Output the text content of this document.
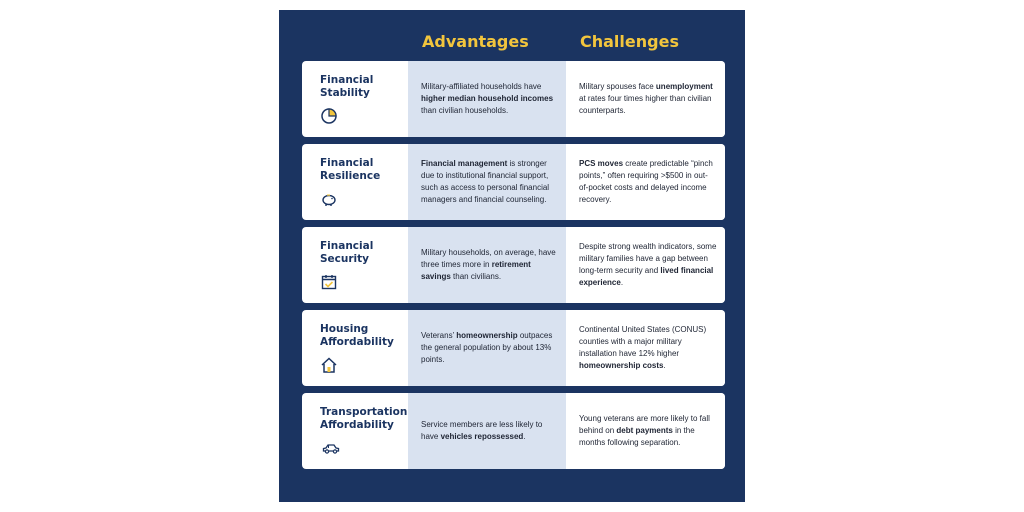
Advantages	Challenges
Financial
Stability
Military-affiliated households have higher median household incomes than civilian households.
Military spouses face unemployment at rates four times higher than civilian counterparts.
Financial
Resilience
Financial management is stronger due to institutional financial support, such as access to personal financial managers and financial counseling.
PCS moves create predictable “pinch points,” often requiring >$500 in out-of-pocket costs and delayed income recovery.
Financial
Security
Military households, on average, have three times more in retirement savings than civilians.
Despite strong wealth indicators, some military families have a gap between long-term security and lived financial experience.
Housing
Affordability
Veterans’ homeownership outpaces the general population by about 13% points.
Continental United States (CONUS) counties with a major military installation have 12% higher homeownership costs.
Transportation
Affordability	Service members are less likely to have vehicles repossessed.
Young veterans are more likely to fall behind on debt payments in the months following separation.
